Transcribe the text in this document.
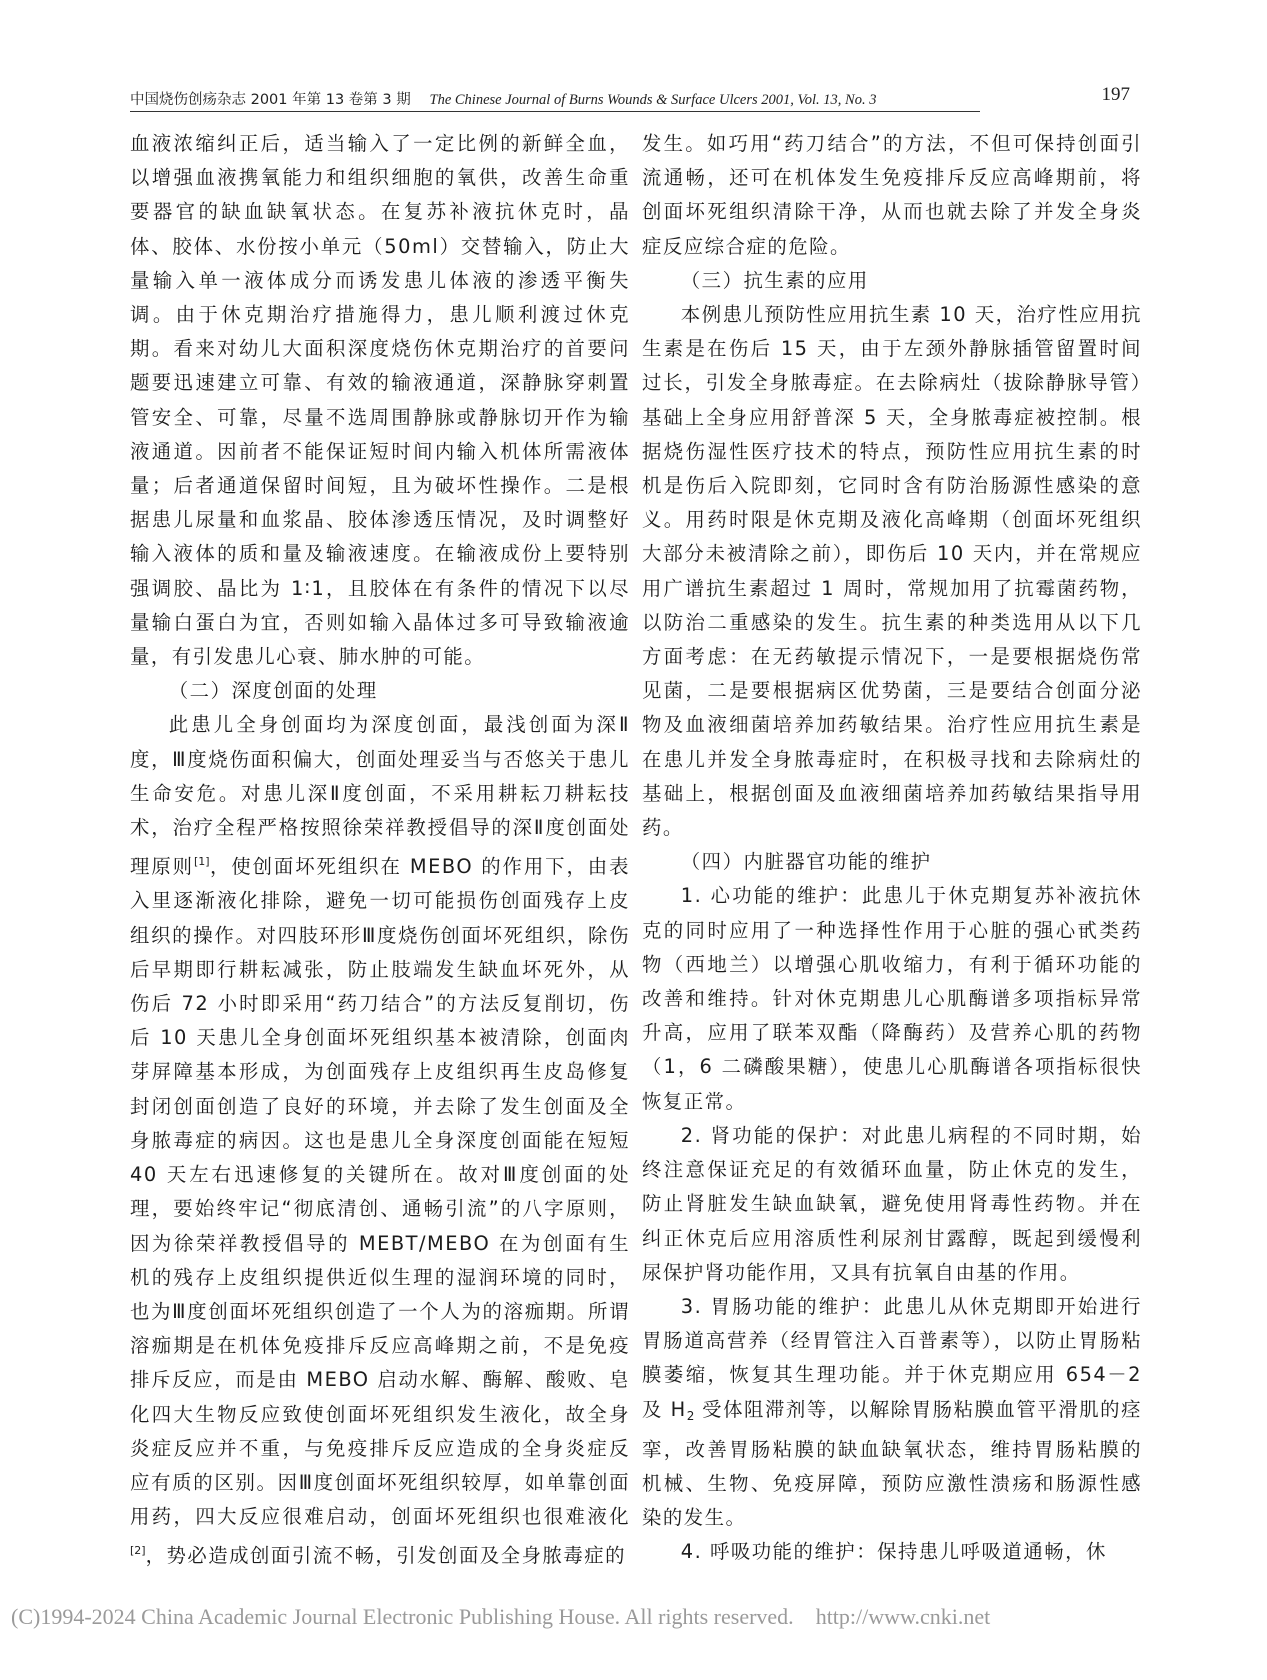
中国烧伤创疡杂志 2001 年第 13 卷第 3 期 The Chinese Journal of Burns Wounds & Surface Ulcers 2001, Vol. 13, No. 3	197

血液浓缩纠正后，适当输入了一定比例的新鲜全血，以增强血液携氧能力和组织细胞的氧供，改善生命重要器官的缺血缺氧状态。在复苏补液抗休克时，晶体、胶体、水份按小单元（50ml）交替输入，防止大量输入单一液体成分而诱发患儿体液的渗透平衡失调。由于休克期治疗措施得力，患儿顺利渡过休克期。看来对幼儿大面积深度烧伤休克期治疗的首要问题要迅速建立可靠、有效的输液通道，深静脉穿刺置管安全、可靠，尽量不选周围静脉或静脉切开作为输液通道。因前者不能保证短时间内输入机体所需液体量；后者通道保留时间短，且为破坏性操作。二是根据患儿尿量和血浆晶、胶体渗透压情况，及时调整好输入液体的质和量及输液速度。在输液成份上要特别强调胶、晶比为 1∶1，且胶体在有条件的情况下以尽量输白蛋白为宜，否则如输入晶体过多可导致输液逾量，有引发患儿心衰、肺水肿的可能。

（二）深度创面的处理

此患儿全身创面均为深度创面，最浅创面为深Ⅱ度，Ⅲ度烧伤面积偏大，创面处理妥当与否悠关于患儿生命安危。对患儿深Ⅱ度创面，不采用耕耘刀耕耘技术，治疗全程严格按照徐荣祥教授倡导的深Ⅱ度创面处理原则[1]，使创面坏死组织在 MEBO 的作用下，由表入里逐渐液化排除，避免一切可能损伤创面残存上皮组织的操作。对四肢环形Ⅲ度烧伤创面坏死组织，除伤后早期即行耕耘减张，防止肢端发生缺血坏死外，从伤后 72 小时即采用“药刀结合”的方法反复削切，伤后 10 天患儿全身创面坏死组织基本被清除，创面肉芽屏障基本形成，为创面残存上皮组织再生皮岛修复封闭创面创造了良好的环境，并去除了发生创面及全身脓毒症的病因。这也是患儿全身深度创面能在短短 40 天左右迅速修复的关键所在。故对Ⅲ度创面的处理，要始终牢记“彻底清创、通畅引流”的八字原则，因为徐荣祥教授倡导的 MEBT/MEBO 在为创面有生机的残存上皮组织提供近似生理的湿润环境的同时，也为Ⅲ度创面坏死组织创造了一个人为的溶痂期。所谓溶痂期是在机体免疫排斥反应高峰期之前，不是免疫排斥反应，而是由 MEBO 启动水解、酶解、酸败、皂化四大生物反应致使创面坏死组织发生液化，故全身炎症反应并不重，与免疫排斥反应造成的全身炎症反应有质的区别。因Ⅲ度创面坏死组织较厚，如单靠创面用药，四大反应很难启动，创面坏死组织也很难液化[2]，势必造成创面引流不畅，引发创面及全身脓毒症的

发生。如巧用“药刀结合”的方法，不但可保持创面引流通畅，还可在机体发生免疫排斥反应高峰期前，将创面坏死组织清除干净，从而也就去除了并发全身炎症反应综合症的危险。

（三）抗生素的应用

本例患儿预防性应用抗生素 10 天，治疗性应用抗生素是在伤后 15 天，由于左颈外静脉插管留置时间过长，引发全身脓毒症。在去除病灶（拔除静脉导管）基础上全身应用舒普深 5 天，全身脓毒症被控制。根据烧伤湿性医疗技术的特点，预防性应用抗生素的时机是伤后入院即刻，它同时含有防治肠源性感染的意义。用药时限是休克期及液化高峰期（创面坏死组织大部分未被清除之前），即伤后 10 天内，并在常规应用广谱抗生素超过 1 周时，常规加用了抗霉菌药物，以防治二重感染的发生。抗生素的种类选用从以下几方面考虑：在无药敏提示情况下，一是要根据烧伤常见菌，二是要根据病区优势菌，三是要结合创面分泌物及血液细菌培养加药敏结果。治疗性应用抗生素是在患儿并发全身脓毒症时，在积极寻找和去除病灶的基础上，根据创面及血液细菌培养加药敏结果指导用药。

（四）内脏器官功能的维护

1. 心功能的维护：此患儿于休克期复苏补液抗休克的同时应用了一种选择性作用于心脏的强心甙类药物（西地兰）以增强心肌收缩力，有利于循环功能的改善和维持。针对休克期患儿心肌酶谱多项指标异常升高，应用了联苯双酯（降酶药）及营养心肌的药物（1，6 二磷酸果糖），使患儿心肌酶谱各项指标很快恢复正常。

2. 肾功能的保护：对此患儿病程的不同时期，始终注意保证充足的有效循环血量，防止休克的发生，防止肾脏发生缺血缺氧，避免使用肾毒性药物。并在纠正休克后应用溶质性利尿剂甘露醇，既起到缓慢利尿保护肾功能作用，又具有抗氧自由基的作用。

3. 胃肠功能的维护：此患儿从休克期即开始进行胃肠道高营养（经胃管注入百普素等），以防止胃肠粘膜萎缩，恢复其生理功能。并于休克期应用 654－2 及 $H_2$ 受体阻滞剂等，以解除胃肠粘膜血管平滑肌的痉挛，改善胃肠粘膜的缺血缺氧状态，维持胃肠粘膜的机械、生物、免疫屏障，预防应激性溃疡和肠源性感染的发生。

4. 呼吸功能的维护：保持患儿呼吸道通畅，休

(C)1994-2024 China Academic Journal Electronic Publishing House. All rights reserved. http://www.cnki.net
